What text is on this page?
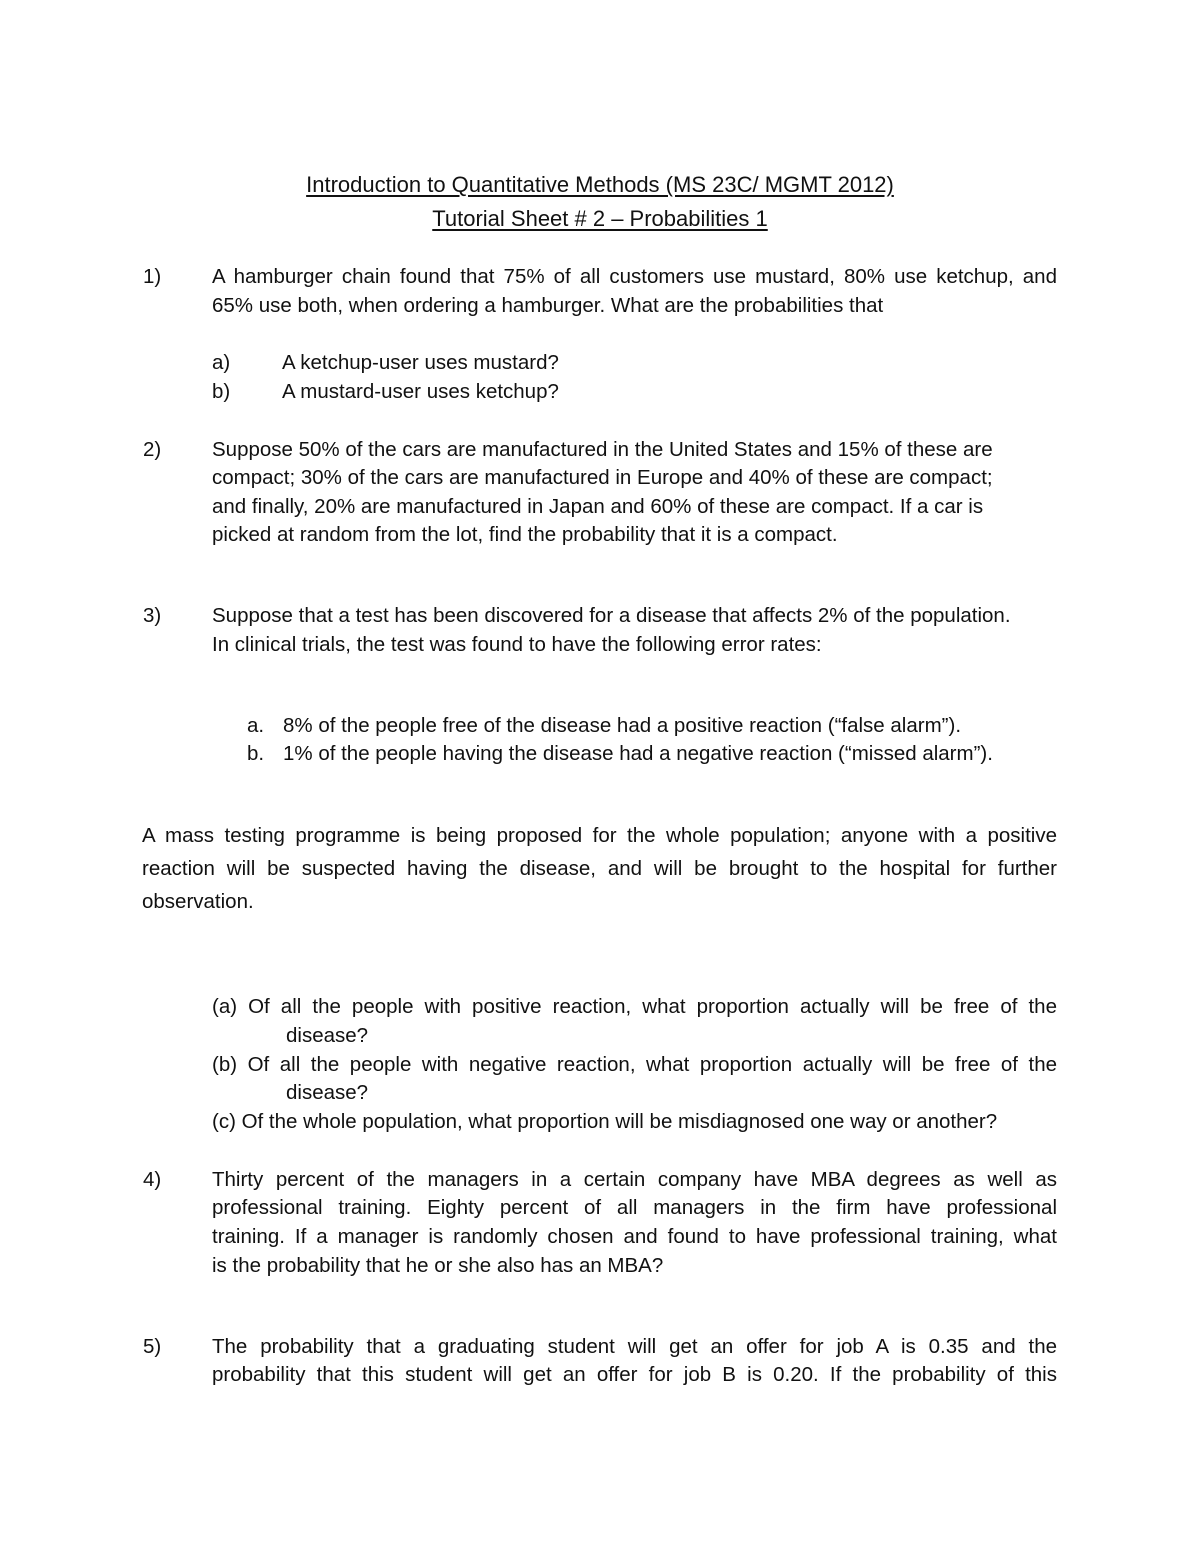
Introduction to Quantitative Methods (MS 23C/ MGMT 2012)
Tutorial Sheet # 2 – Probabilities 1
1) A hamburger chain found that 75% of all customers use mustard, 80% use ketchup, and
65% use both, when ordering a hamburger. What are the probabilities that
a)	A ketchup-user uses mustard?
b)	A mustard-user uses ketchup?
2) Suppose 50% of the cars are manufactured in the United States and 15% of these are
compact; 30% of the cars are manufactured in Europe and 40% of these are compact;
and finally, 20% are manufactured in Japan and 60% of these are compact. If a car is
picked at random from the lot, find the probability that it is a compact.
3) Suppose that a test has been discovered for a disease that affects 2% of the population.
In clinical trials, the test was found to have the following error rates:
a. 8% of the people free of the disease had a positive reaction (“false alarm”).
b. 1% of the people having the disease had a negative reaction (“missed alarm”).
A mass testing programme is being proposed for the whole population; anyone with a positive
reaction will be suspected having the disease, and will be brought to the hospital for further
observation.
(a) Of all the people with positive reaction, what proportion actually will be free of the
disease?
(b) Of all the people with negative reaction, what proportion actually will be free of the
disease?
(c) Of the whole population, what proportion will be misdiagnosed one way or another?
4) Thirty percent of the managers in a certain company have MBA degrees as well as
professional training. Eighty percent of all managers in the firm have professional
training. If a manager is randomly chosen and found to have professional training, what
is the probability that he or she also has an MBA?
5) The probability that a graduating student will get an offer for job A is 0.35 and the
probability that this student will get an offer for job B is 0.20. If the probability of this
